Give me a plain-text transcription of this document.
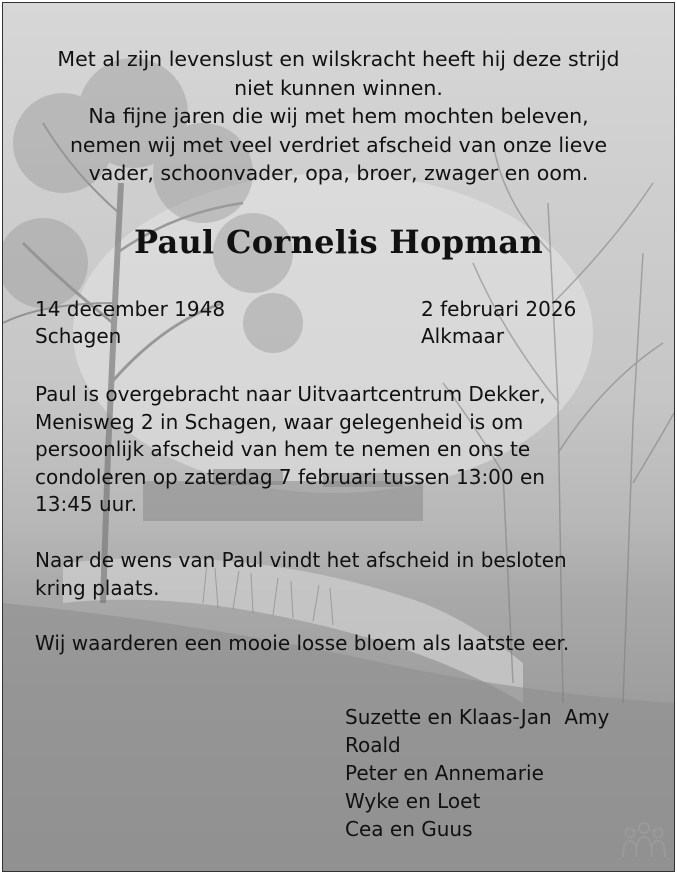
Met al zijn levenslust en wilskracht heeft hij deze strijd
niet kunnen winnen.
Na fijne jaren die wij met hem mochten beleven,
nemen wij met veel verdriet afscheid van onze lieve
vader, schoonvader, opa, broer, zwager en oom.
Paul Cornelis Hopman
14 december 1948
Schagen
2 februari 2026
Alkmaar
Paul is overgebracht naar Uitvaartcentrum Dekker,
Menisweg 2 in Schagen, waar gelegenheid is om
persoonlijk afscheid van hem te nemen en ons te
condoleren op zaterdag 7 februari tussen 13:00 en
13:45 uur.
Naar de wens van Paul vindt het afscheid in besloten
kring plaats.
Wij waarderen een mooie losse bloem als laatste eer.
Suzette en Klaas-Jan  Amy
Roald
Peter en Annemarie
Wyke en Loet
Cea en Guus
